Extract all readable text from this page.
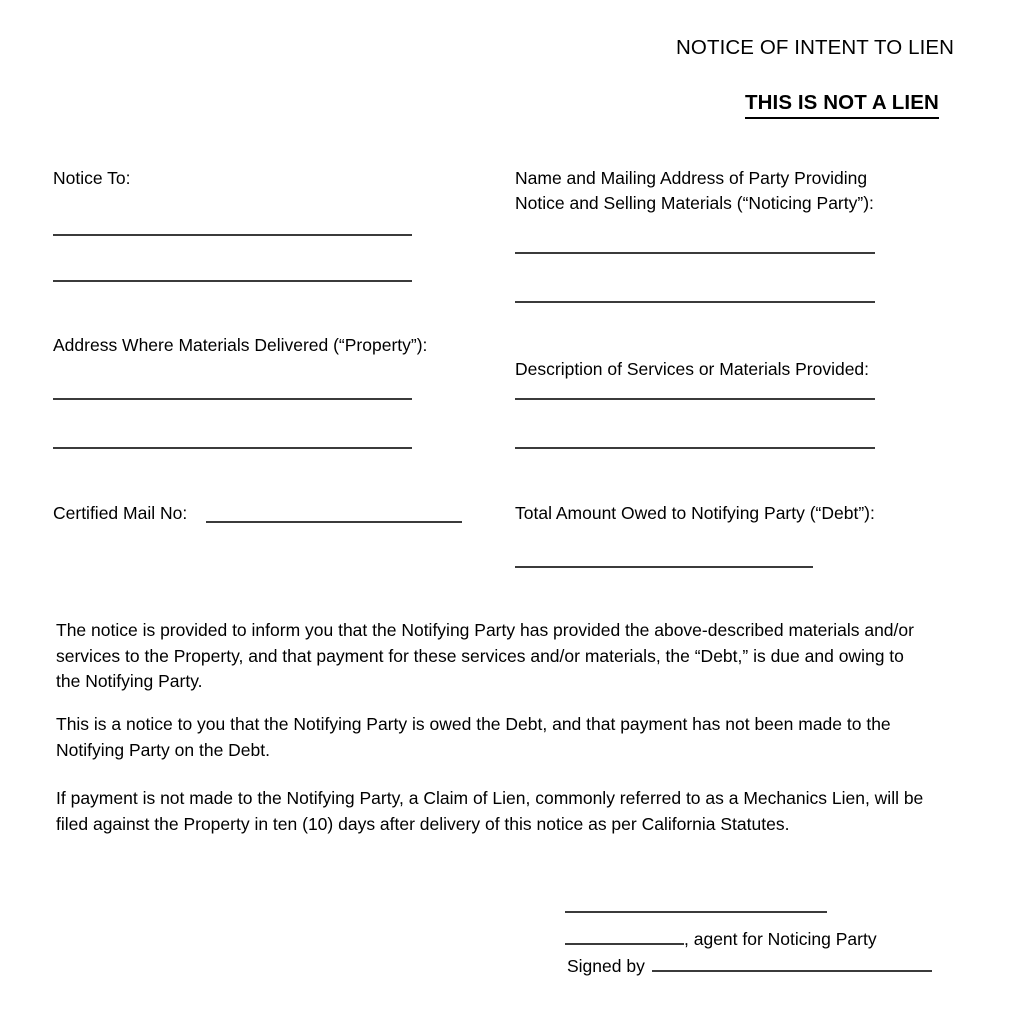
NOTICE OF INTENT TO LIEN
THIS IS NOT A LIEN
Notice To:	Name and Mailing Address of Party Providing
Notice and Selling Materials (“Noticing Party”):
Address Where Materials Delivered (“Property”):
Description of Services or Materials Provided:
Certified Mail No:	Total Amount Owed to Notifying Party (“Debt”):
The notice is provided to inform you that the Notifying Party has provided the above-described materials and/or services to the Property, and that payment for these services and/or materials, the “Debt,” is due and owing to the Notifying Party.
This is a notice to you that the Notifying Party is owed the Debt, and that payment has not been made to the Notifying Party on the Debt.
If payment is not made to the Notifying Party, a Claim of Lien, commonly referred to as a Mechanics Lien, will be filed against the Property in ten (10) days after delivery of this notice as per California Statutes.
, agent for Noticing Party
Signed by
